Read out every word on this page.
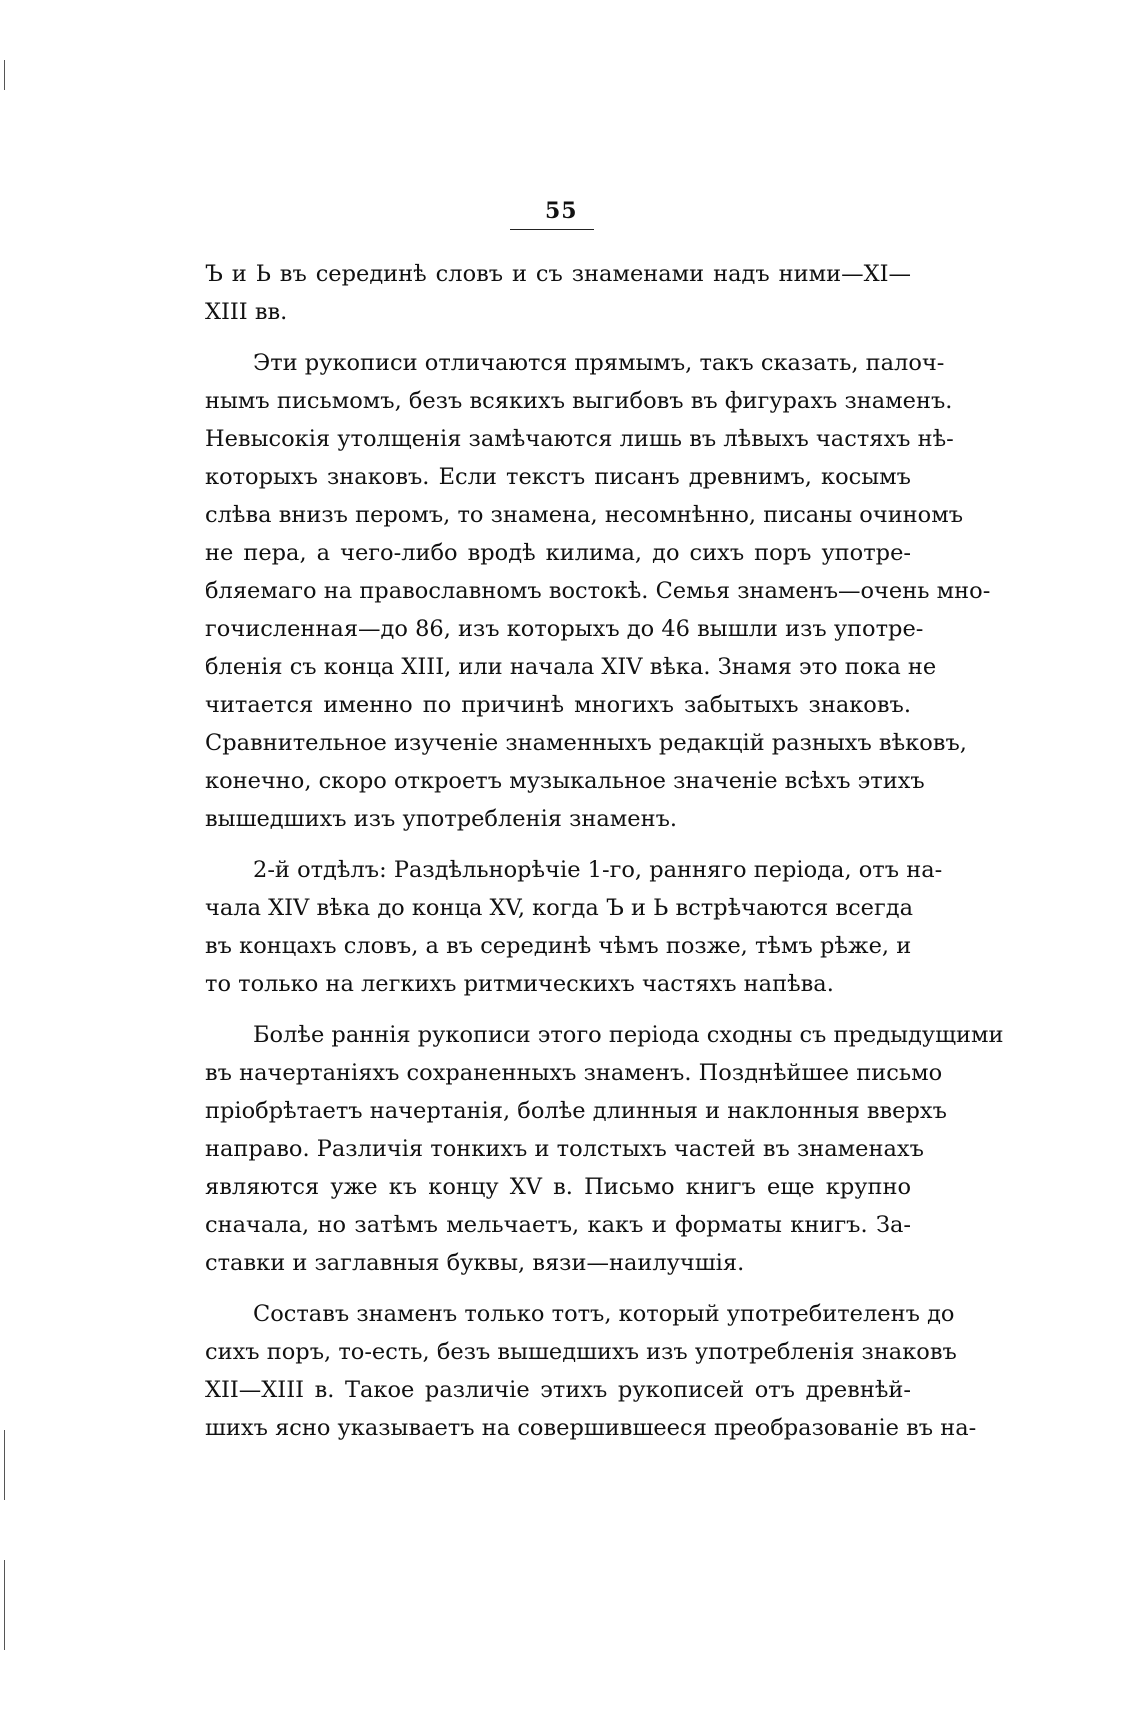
55
Ъ и Ь въ серединѣ словъ и съ знаменами надъ ними—XI—
XIII вв.
Эти рукописи отличаются прямымъ, такъ сказать, палоч-
нымъ письмомъ, безъ всякихъ выгибовъ въ фигурахъ знаменъ.
Невысокія утолщенія замѣчаются лишь въ лѣвыхъ частяхъ нѣ-
которыхъ знаковъ. Если текстъ писанъ древнимъ, косымъ
слѣва внизъ перомъ, то знамена, несомнѣнно, писаны очиномъ
не пера, а чего-либо вродѣ килима, до сихъ поръ употре-
бляемаго на православномъ востокѣ. Семья знаменъ—очень мно-
гочисленная—до 86, изъ которыхъ до 46 вышли изъ употре-
бленія съ конца XIII, или начала XIV вѣка. Знамя это пока не
читается именно по причинѣ многихъ забытыхъ знаковъ.
Сравнительное изученіе знаменныхъ редакцій разныхъ вѣковъ,
конечно, скоро откроетъ музыкальное значеніе всѣхъ этихъ
вышедшихъ изъ употребленія знаменъ.
2-й отдѣлъ: Раздѣльнорѣчіе 1-го, ранняго періода, отъ на-
чала XIV вѣка до конца XV, когда Ъ и Ь встрѣчаются всегда
въ концахъ словъ, а въ серединѣ чѣмъ позже, тѣмъ рѣже, и
то только на легкихъ ритмическихъ частяхъ напѣва.
Болѣе раннія рукописи этого періода сходны съ предыдущими
въ начертаніяхъ сохраненныхъ знаменъ. Позднѣйшее письмо
пріобрѣтаетъ начертанія, болѣе длинныя и наклонныя вверхъ
направо. Различія тонкихъ и толстыхъ частей въ знаменахъ
являются уже къ концу XV в. Письмо книгъ еще крупно
сначала, но затѣмъ мельчаетъ, какъ и форматы книгъ. За-
ставки и заглавныя буквы, вязи—наилучшія.
Составъ знаменъ только тотъ, который употребителенъ до
сихъ поръ, то-есть, безъ вышедшихъ изъ употребленія знаковъ
XII—XIII в. Такое различіе этихъ рукописей отъ древнѣй-
шихъ ясно указываетъ на совершившееся преобразованіе въ на-
